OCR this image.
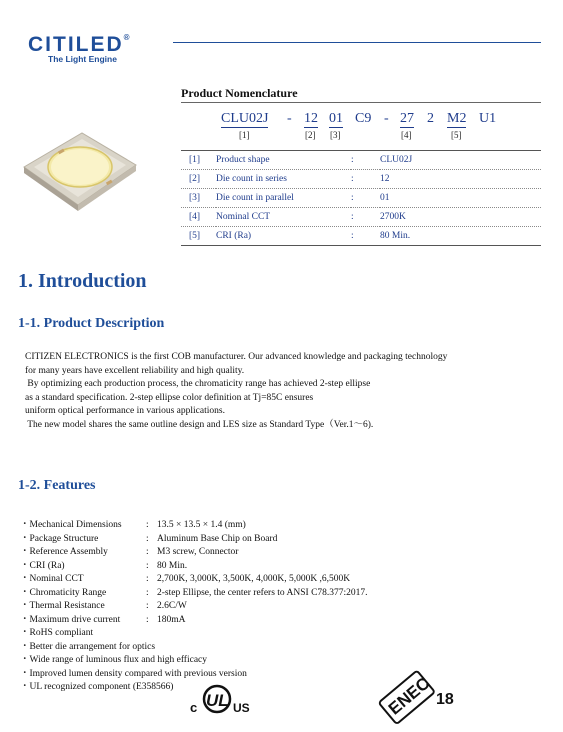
CITILED®
The Light Engine
Product Nomenclature
CLU02J - 12 01 C9 - 27 2 M2 U1
[1]	[2] [3]	[4]	[5]
[1]	Product shape	:	CLU02J
[2]	Die count in series	:	12
[3]	Die count in parallel	:	01
[4]	Nominal CCT	:	2700K
[5]	CRI (Ra)	:	80 Min.
1. Introduction
1-1. Product Description
CITIZEN ELECTRONICS is the first COB manufacturer. Our advanced knowledge and packaging technology
for many years have excellent reliability and high quality.
By optimizing each production process, the chromaticity range has achieved 2-step ellipse
as a standard specification. 2-step ellipse color definition at Tj=85C ensures
uniform optical performance in various applications.
The new model shares the same outline design and LES size as Standard Type（Ver.1～6).
1-2. Features
・Mechanical Dimensions	: 13.5 × 13.5 × 1.4 (mm)
・Package Structure	: Aluminum Base Chip on Board
・Reference Assembly	: M3 screw, Connector
・CRI (Ra)	: 80 Min.
・Nominal CCT	: 2,700K, 3,000K, 3,500K, 4,000K, 5,000K ,6,500K
・Chromaticity Range	: 2-step Ellipse, the center refers to ANSI C78.377:2017.
・Thermal Resistance	: 2.6C/W
・Maximum drive current	: 180mA
・RoHS compliant
・Better die arrangement for optics
・Wide range of luminous flux and high efficacy
・Improved lumen density compared with previous version
・UL recognized component (E358566)
c UL US	ENEC 18
